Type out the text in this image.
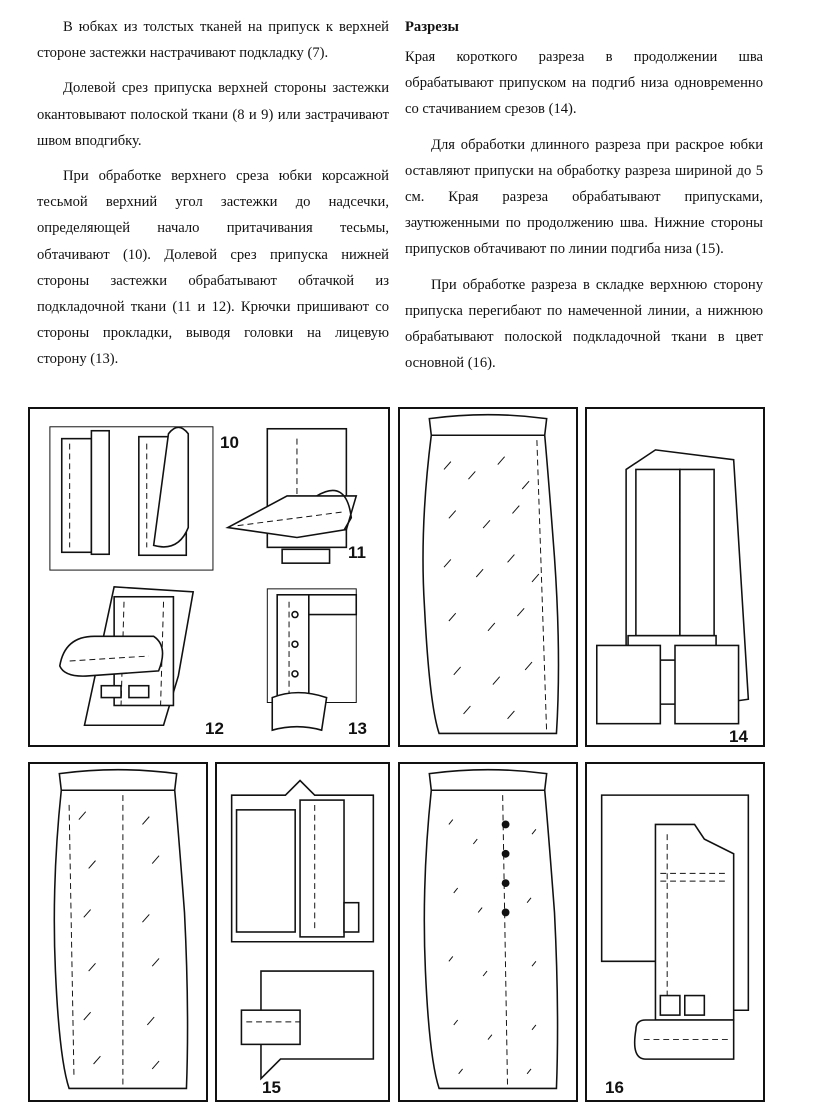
В юбках из толстых тканей на припуск к верхней стороне застежки настрачивают подкладку (7).

Долевой срез припуска верхней стороны застежки окантовывают полоской ткани (8 и 9) или застрачивают швом вподгибку.

При обработке верхнего среза юбки корсажной тесьмой верхний угол застежки до надсечки, определяющей начало притачивания тесьмы, обтачивают (10). Долевой срез припуска нижней стороны застежки обрабатывают обтачкой из подкладочной ткани (11 и 12). Крючки пришивают со стороны прокладки, выводя головки на лицевую сторону (13).

Разрезы

Края короткого разреза в продолжении шва обрабатывают припуском на подгиб низа одновременно со стачиванием срезов (14).

Для обработки длинного разреза при раскрое юбки оставляют припуски на обработку разреза шириной до 5 см. Края разреза обрабатывают припусками, заутюженными по продолжению шва. Нижние стороны припусков обтачивают по линии подгиба низа (15).

При обработке разреза в складке верхнюю сторону припуска перегибают по намеченной линии, а нижнюю обрабатывают полоской подкладочной ткани в цвет основной (16).

10
11
12	13	14
15	16
